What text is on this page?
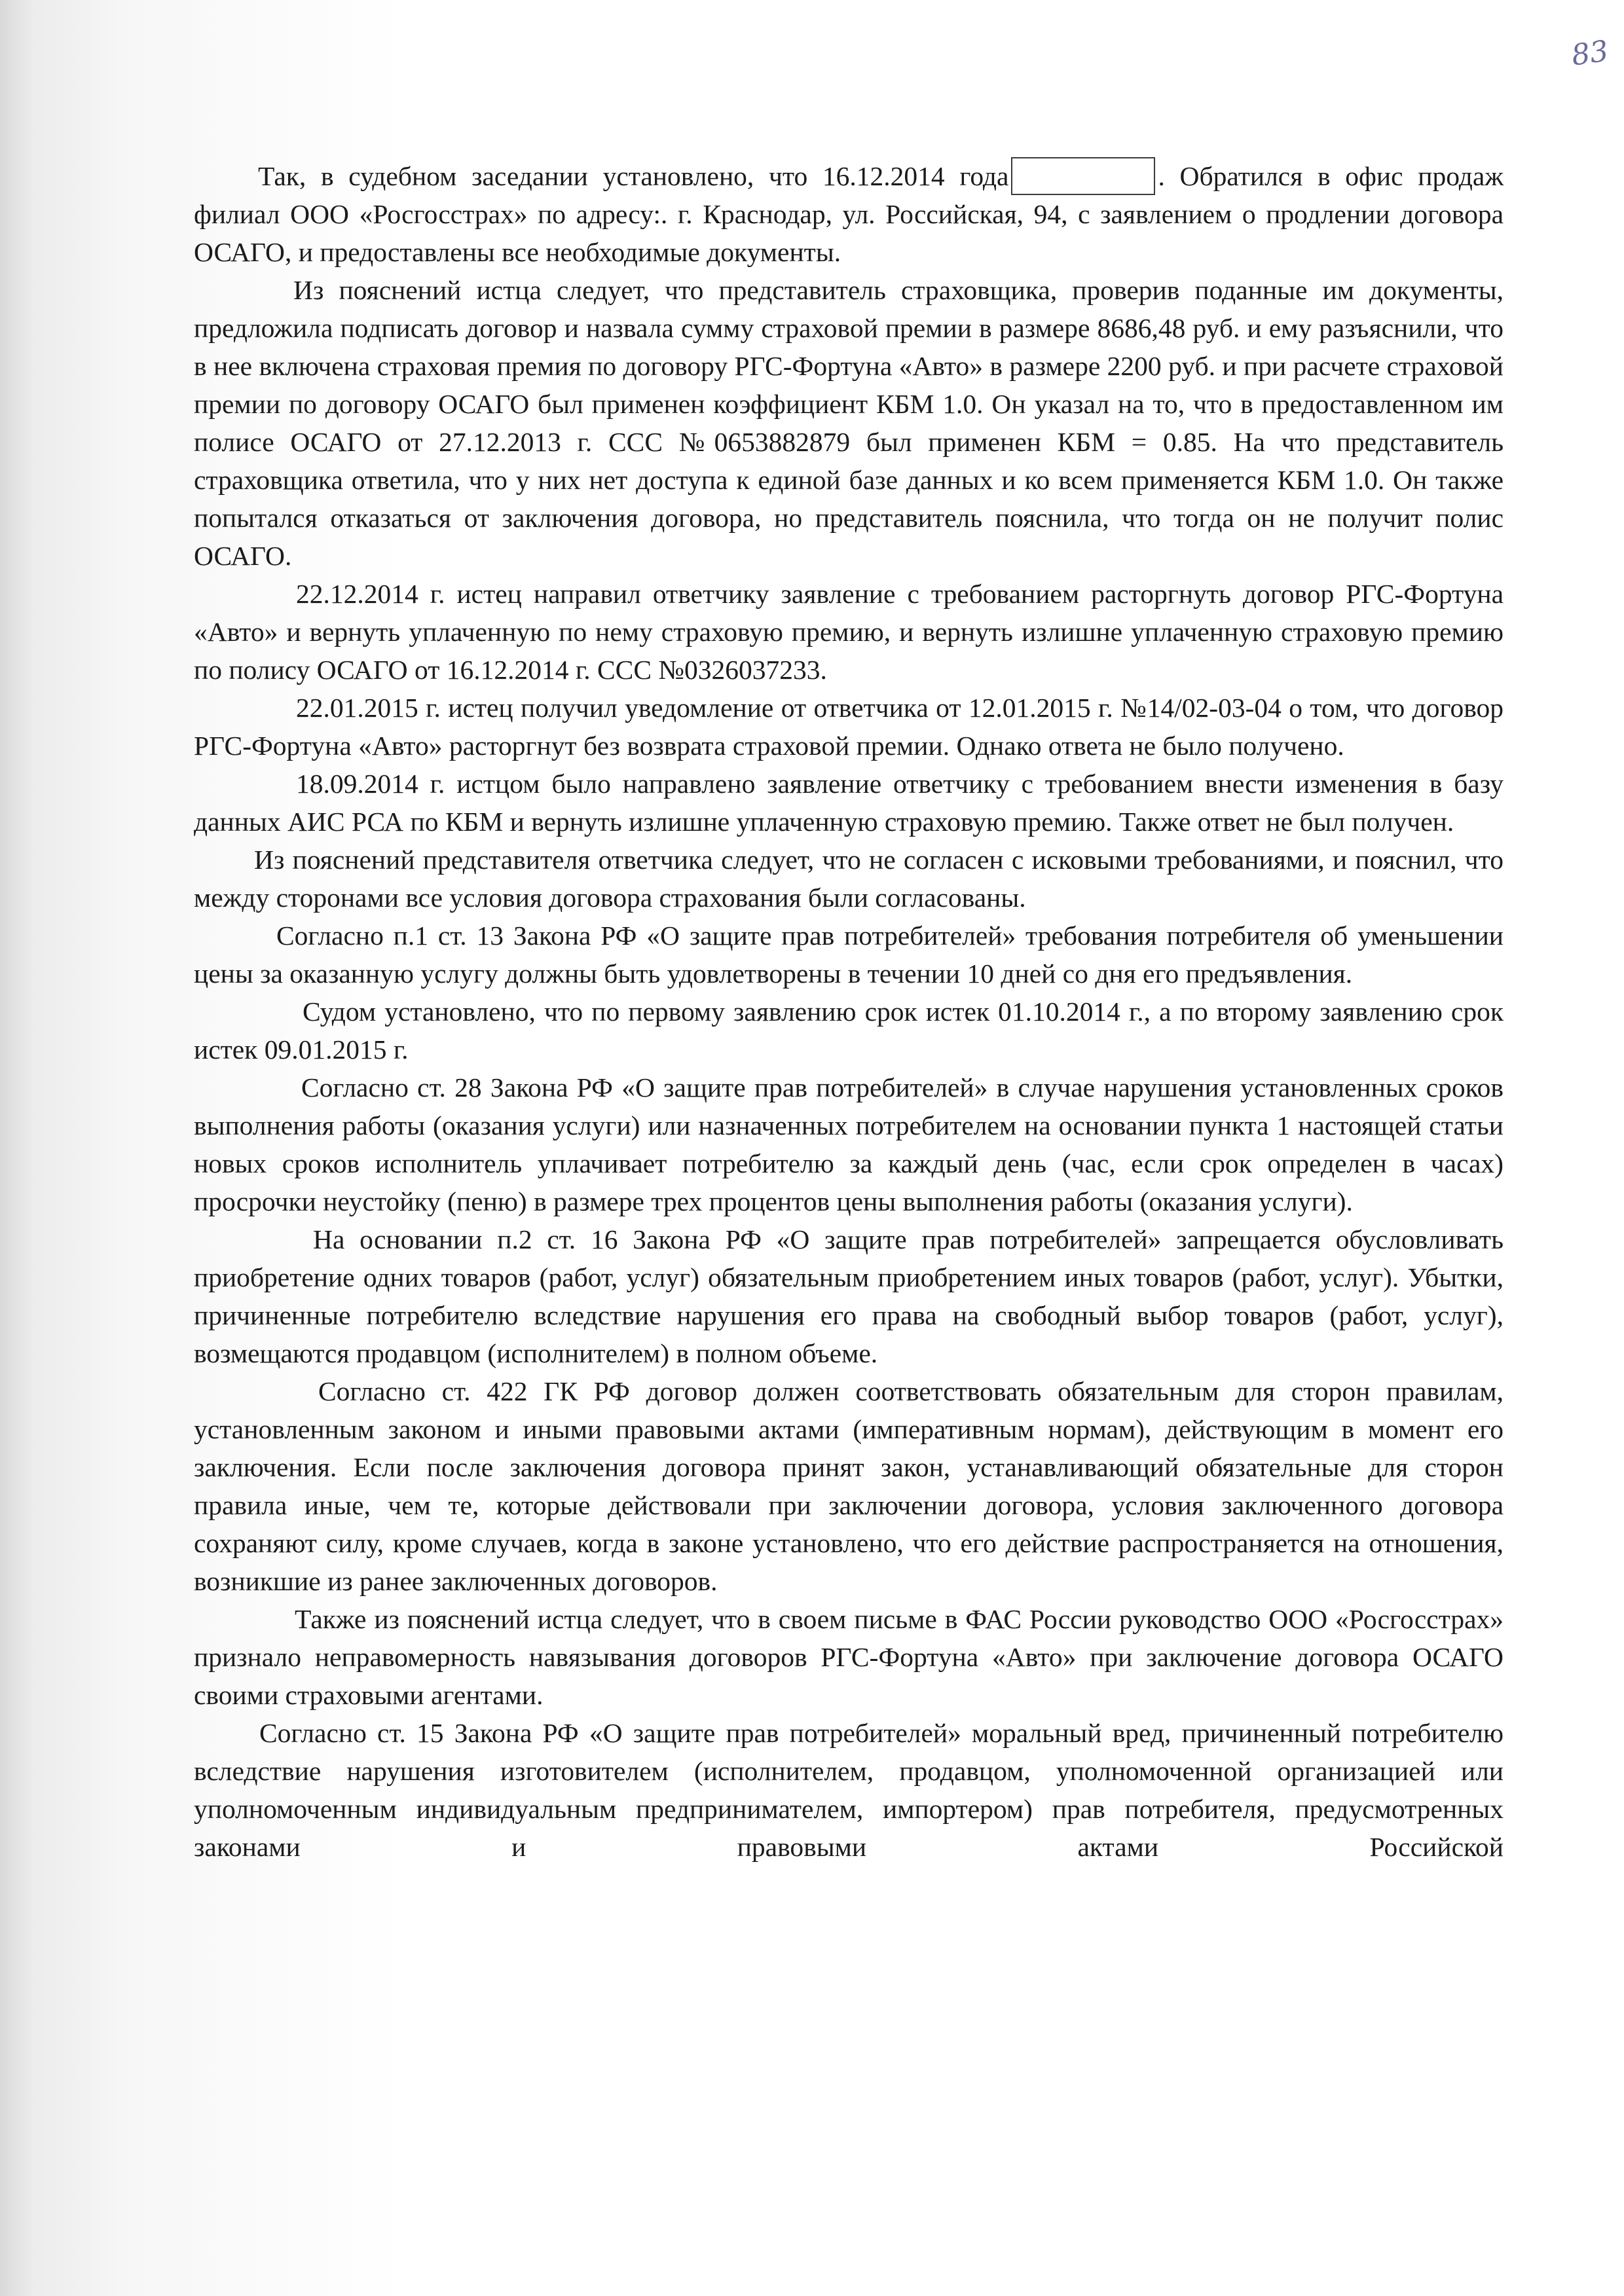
83

Так, в судебном заседании установлено, что 16.12.2014 года	. Обратился в офис продаж филиал ООО «Росгосстрах» по адресу:. г. Краснодар, ул. Российская, 94, с заявлением о продлении договора ОСАГО, и предоставлены все необходимые документы.

Из пояснений истца следует, что представитель страховщика, проверив поданные им документы, предложила подписать договор и назвала сумму страховой премии в размере 8686,48 руб. и ему разъяснили, что в нее включена страховая премия по договору РГС-Фортуна «Авто» в размере 2200 руб. и при расчете страховой премии по договору ОСАГО был применен коэффициент КБМ 1.0. Он указал на то, что в предоставленном им полисе ОСАГО от 27.12.2013 г. ССС №0653882879 был применен КБМ = 0.85. На что представитель страховщика ответила, что у них нет доступа к единой базе данных и ко всем применяется КБМ 1.0. Он также попытался отказаться от заключения договора, но представитель пояснила, что тогда он не получит полис ОСАГО.

22.12.2014 г. истец направил ответчику заявление с требованием расторгнуть договор РГС-Фортуна «Авто» и вернуть уплаченную по нему страховую премию, и вернуть излишне уплаченную страховую премию по полису ОСАГО от 16.12.2014 г. ССС №0326037233.

22.01.2015 г. истец получил уведомление от ответчика от 12.01.2015 г. №14/02-03-04 о том, что договор РГС-Фортуна «Авто» расторгнут без возврата страховой премии. Однако ответа не было получено.

18.09.2014 г. истцом было направлено заявление ответчику с требованием внести изменения в базу данных АИС РСА по КБМ и вернуть излишне уплаченную страховую премию. Также ответ не был получен.

Из пояснений представителя ответчика следует, что не согласен с исковыми требованиями, и пояснил, что между сторонами все условия договора страхования были согласованы.

Согласно п.1 ст. 13 Закона РФ «О защите прав потребителей» требования потребителя об уменьшении цены за оказанную услугу должны быть удовлетворены в течении 10 дней со дня его предъявления.

Судом установлено, что по первому заявлению срок истек 01.10.2014 г., а по второму заявлению срок истек 09.01.2015 г.

Согласно ст. 28 Закона РФ «О защите прав потребителей» в случае нарушения установленных сроков выполнения работы (оказания услуги) или назначенных потребителем на основании пункта 1 настоящей статьи новых сроков исполнитель уплачивает потребителю за каждый день (час, если срок определен в часах) просрочки неустойку (пеню) в размере трех процентов цены выполнения работы (оказания услуги).

На основании п.2 ст. 16 Закона РФ «О защите прав потребителей» запрещается обусловливать приобретение одних товаров (работ, услуг) обязательным приобретением иных товаров (работ, услуг). Убытки, причиненные потребителю вследствие нарушения его права на свободный выбор товаров (работ, услуг), возмещаются продавцом (исполнителем) в полном объеме.

Согласно ст. 422 ГК РФ договор должен соответствовать обязательным для сторон правилам, установленным законом и иными правовыми актами (императивным нормам), действующим в момент его заключения. Если после заключения договора принят закон, устанавливающий обязательные для сторон правила иные, чем те, которые действовали при заключении договора, условия заключенного договора сохраняют силу, кроме случаев, когда в законе установлено, что его действие распространяется на отношения, возникшие из ранее заключенных договоров.

Также из пояснений истца следует, что в своем письме в ФАС России руководство ООО «Росгосстрах» признало неправомерность навязывания договоров РГС-Фортуна «Авто» при заключение договора ОСАГО своими страховыми агентами.

Согласно ст. 15 Закона РФ «О защите прав потребителей» моральный вред, причиненный потребителю вследствие нарушения изготовителем (исполнителем, продавцом, уполномоченной организацией или уполномоченным индивидуальным предпринимателем, импортером) прав потребителя, предусмотренных законами и правовыми актами Российской
